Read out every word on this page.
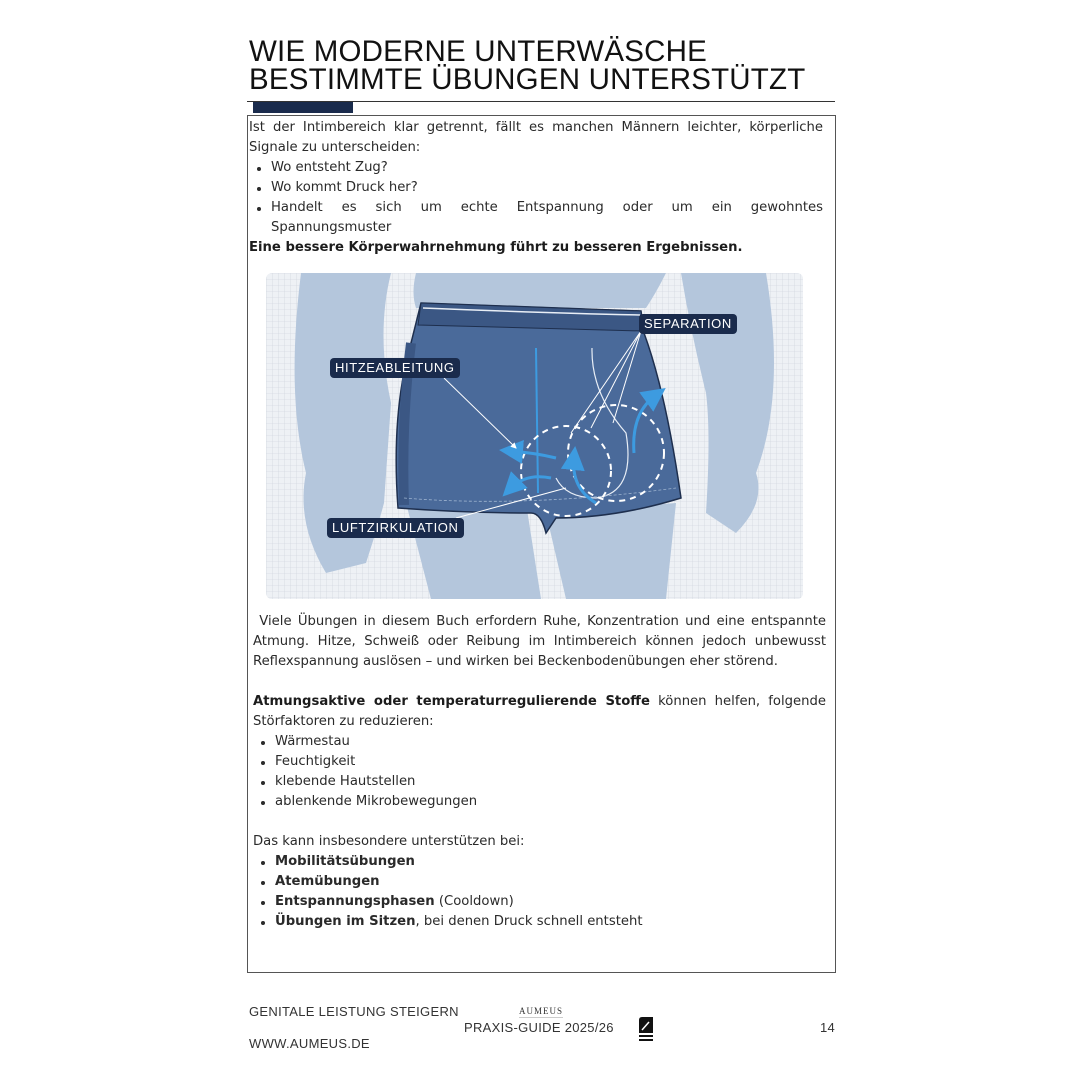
WIE MODERNE UNTERWÄSCHE
BESTIMMTE ÜBUNGEN UNTERSTÜTZT
Ist der Intimbereich klar getrennt, fällt es manchen Männern leichter, körperliche
Signale zu unterscheiden:
Wo entsteht Zug?
Wo kommt Druck her?
Handelt es sich um echte Entspannung oder um ein gewohntes
Spannungsmuster
Eine bessere Körperwahrnehmung führt zu besseren Ergebnissen.
SEPARATION
HITZEABLEITUNG
LUFTZIRKULATION
Viele Übungen in diesem Buch erfordern Ruhe, Konzentration und eine entspannte
Atmung. Hitze, Schweiß oder Reibung im Intimbereich können jedoch unbewusst
Reflexspannung auslösen – und wirken bei Beckenbodenübungen eher störend.
Atmungsaktive oder temperaturregulierende Stoffe können helfen, folgende
Störfaktoren zu reduzieren:
Wärmestau
Feuchtigkeit
klebende Hautstellen
ablenkende Mikrobewegungen
Das kann insbesondere unterstützen bei:
Mobilitätsübungen
Atemübungen
Entspannungsphasen (Cooldown)
Übungen im Sitzen, bei denen Druck schnell entsteht
GENITALE LEISTUNG STEIGERN
WWW.AUMEUS.DE
AUMEUS
PRAXIS-GUIDE 2025/26	14
